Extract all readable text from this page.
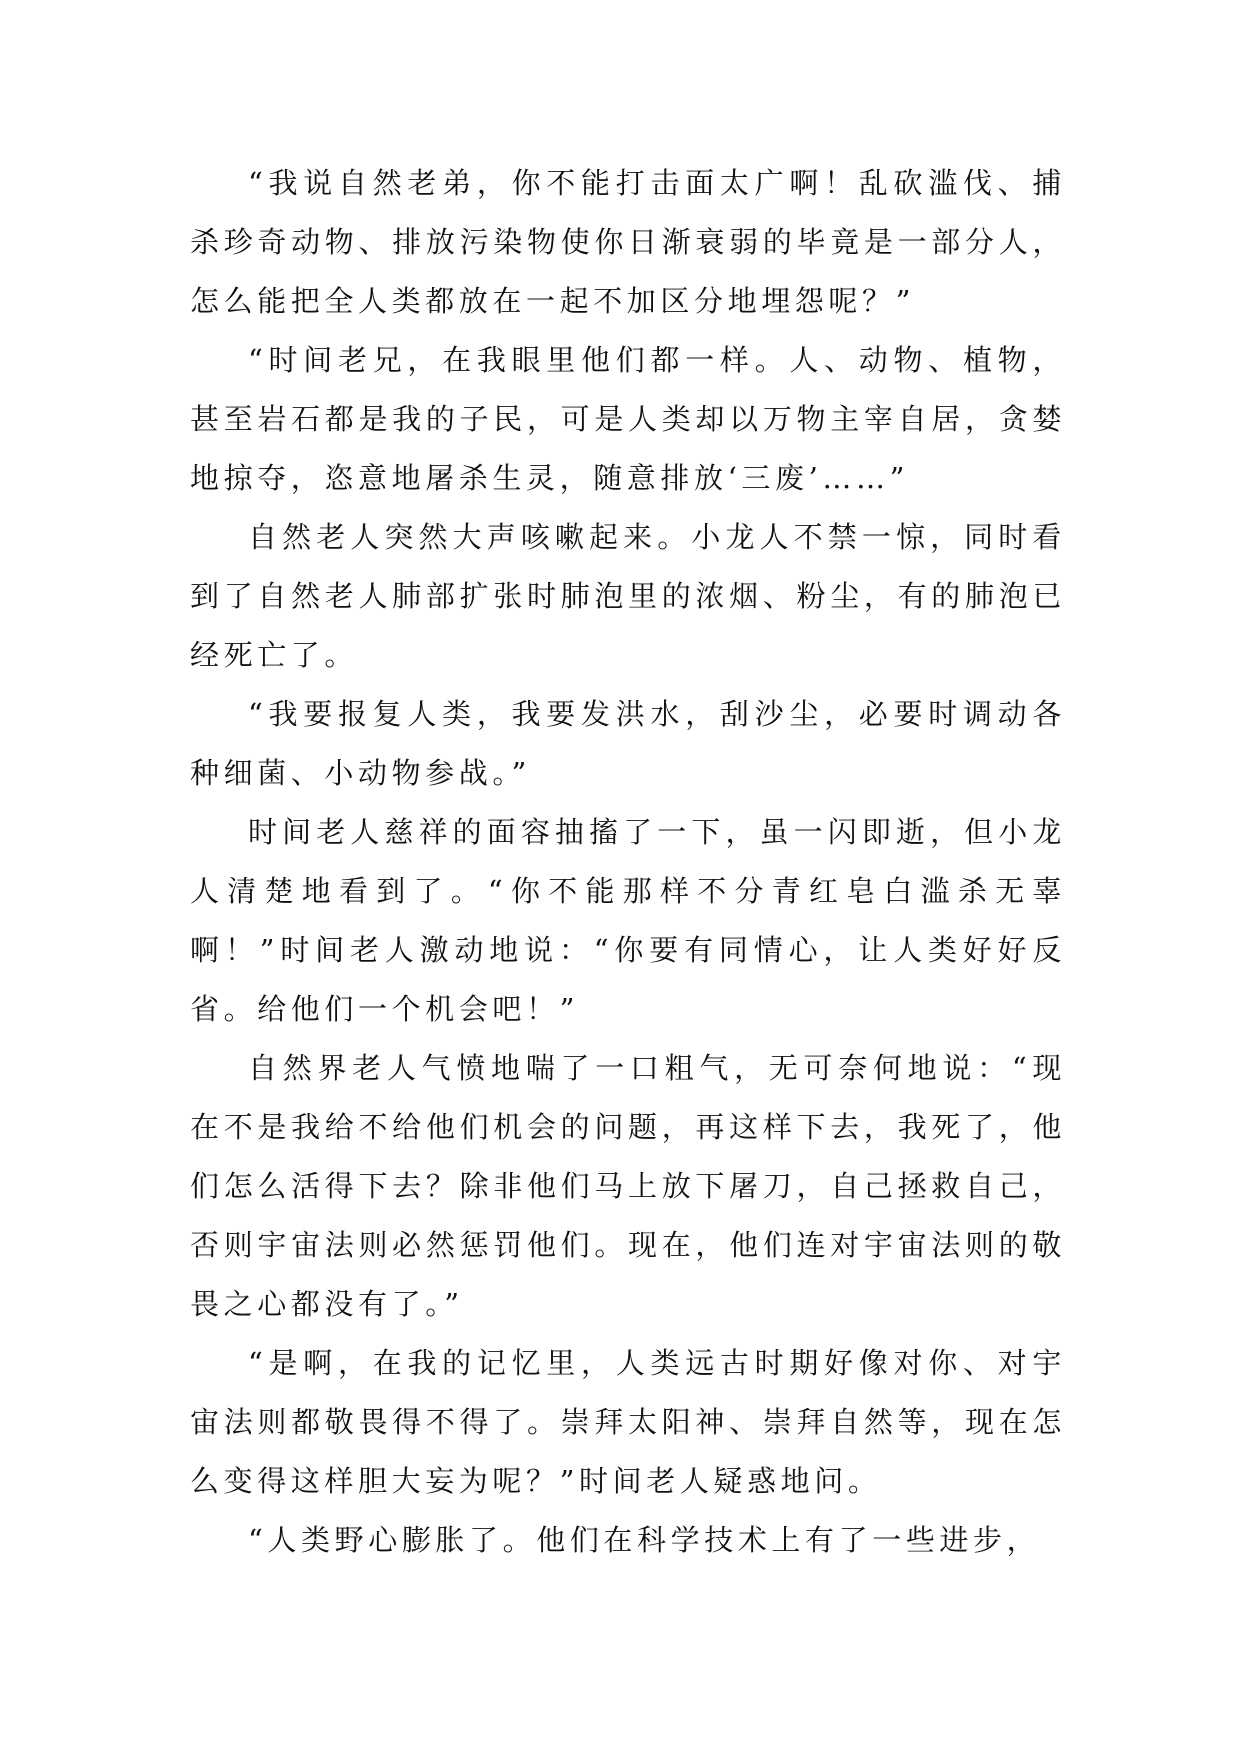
“我说自然老弟，你不能打击面太广啊！乱砍滥伐、捕杀珍奇动物、排放污染物使你日渐衰弱的毕竟是一部分人，怎么能把全人类都放在一起不加区分地埋怨呢？”

“时间老兄，在我眼里他们都一样。人、动物、植物，甚至岩石都是我的子民，可是人类却以万物主宰自居，贪婪地掠夺，恣意地屠杀生灵，随意排放‘三废’……”

自然老人突然大声咳嗽起来。小龙人不禁一惊，同时看到了自然老人肺部扩张时肺泡里的浓烟、粉尘，有的肺泡已经死亡了。

“我要报复人类，我要发洪水，刮沙尘，必要时调动各种细菌、小动物参战。”

时间老人慈祥的面容抽搐了一下，虽一闪即逝，但小龙人清楚地看到了。“你不能那样不分青红皂白滥杀无辜啊！”时间老人激动地说：“你要有同情心，让人类好好反省。给他们一个机会吧！”

自然界老人气愤地喘了一口粗气，无可奈何地说：“现在不是我给不给他们机会的问题，再这样下去，我死了，他们怎么活得下去？除非他们马上放下屠刀，自己拯救自己，否则宇宙法则必然惩罚他们。现在，他们连对宇宙法则的敬畏之心都没有了。”

“是啊，在我的记忆里，人类远古时期好像对你、对宇宙法则都敬畏得不得了。崇拜太阳神、崇拜自然等，现在怎么变得这样胆大妄为呢？”时间老人疑惑地问。

“人类野心膨胀了。他们在科学技术上有了一些进步，
